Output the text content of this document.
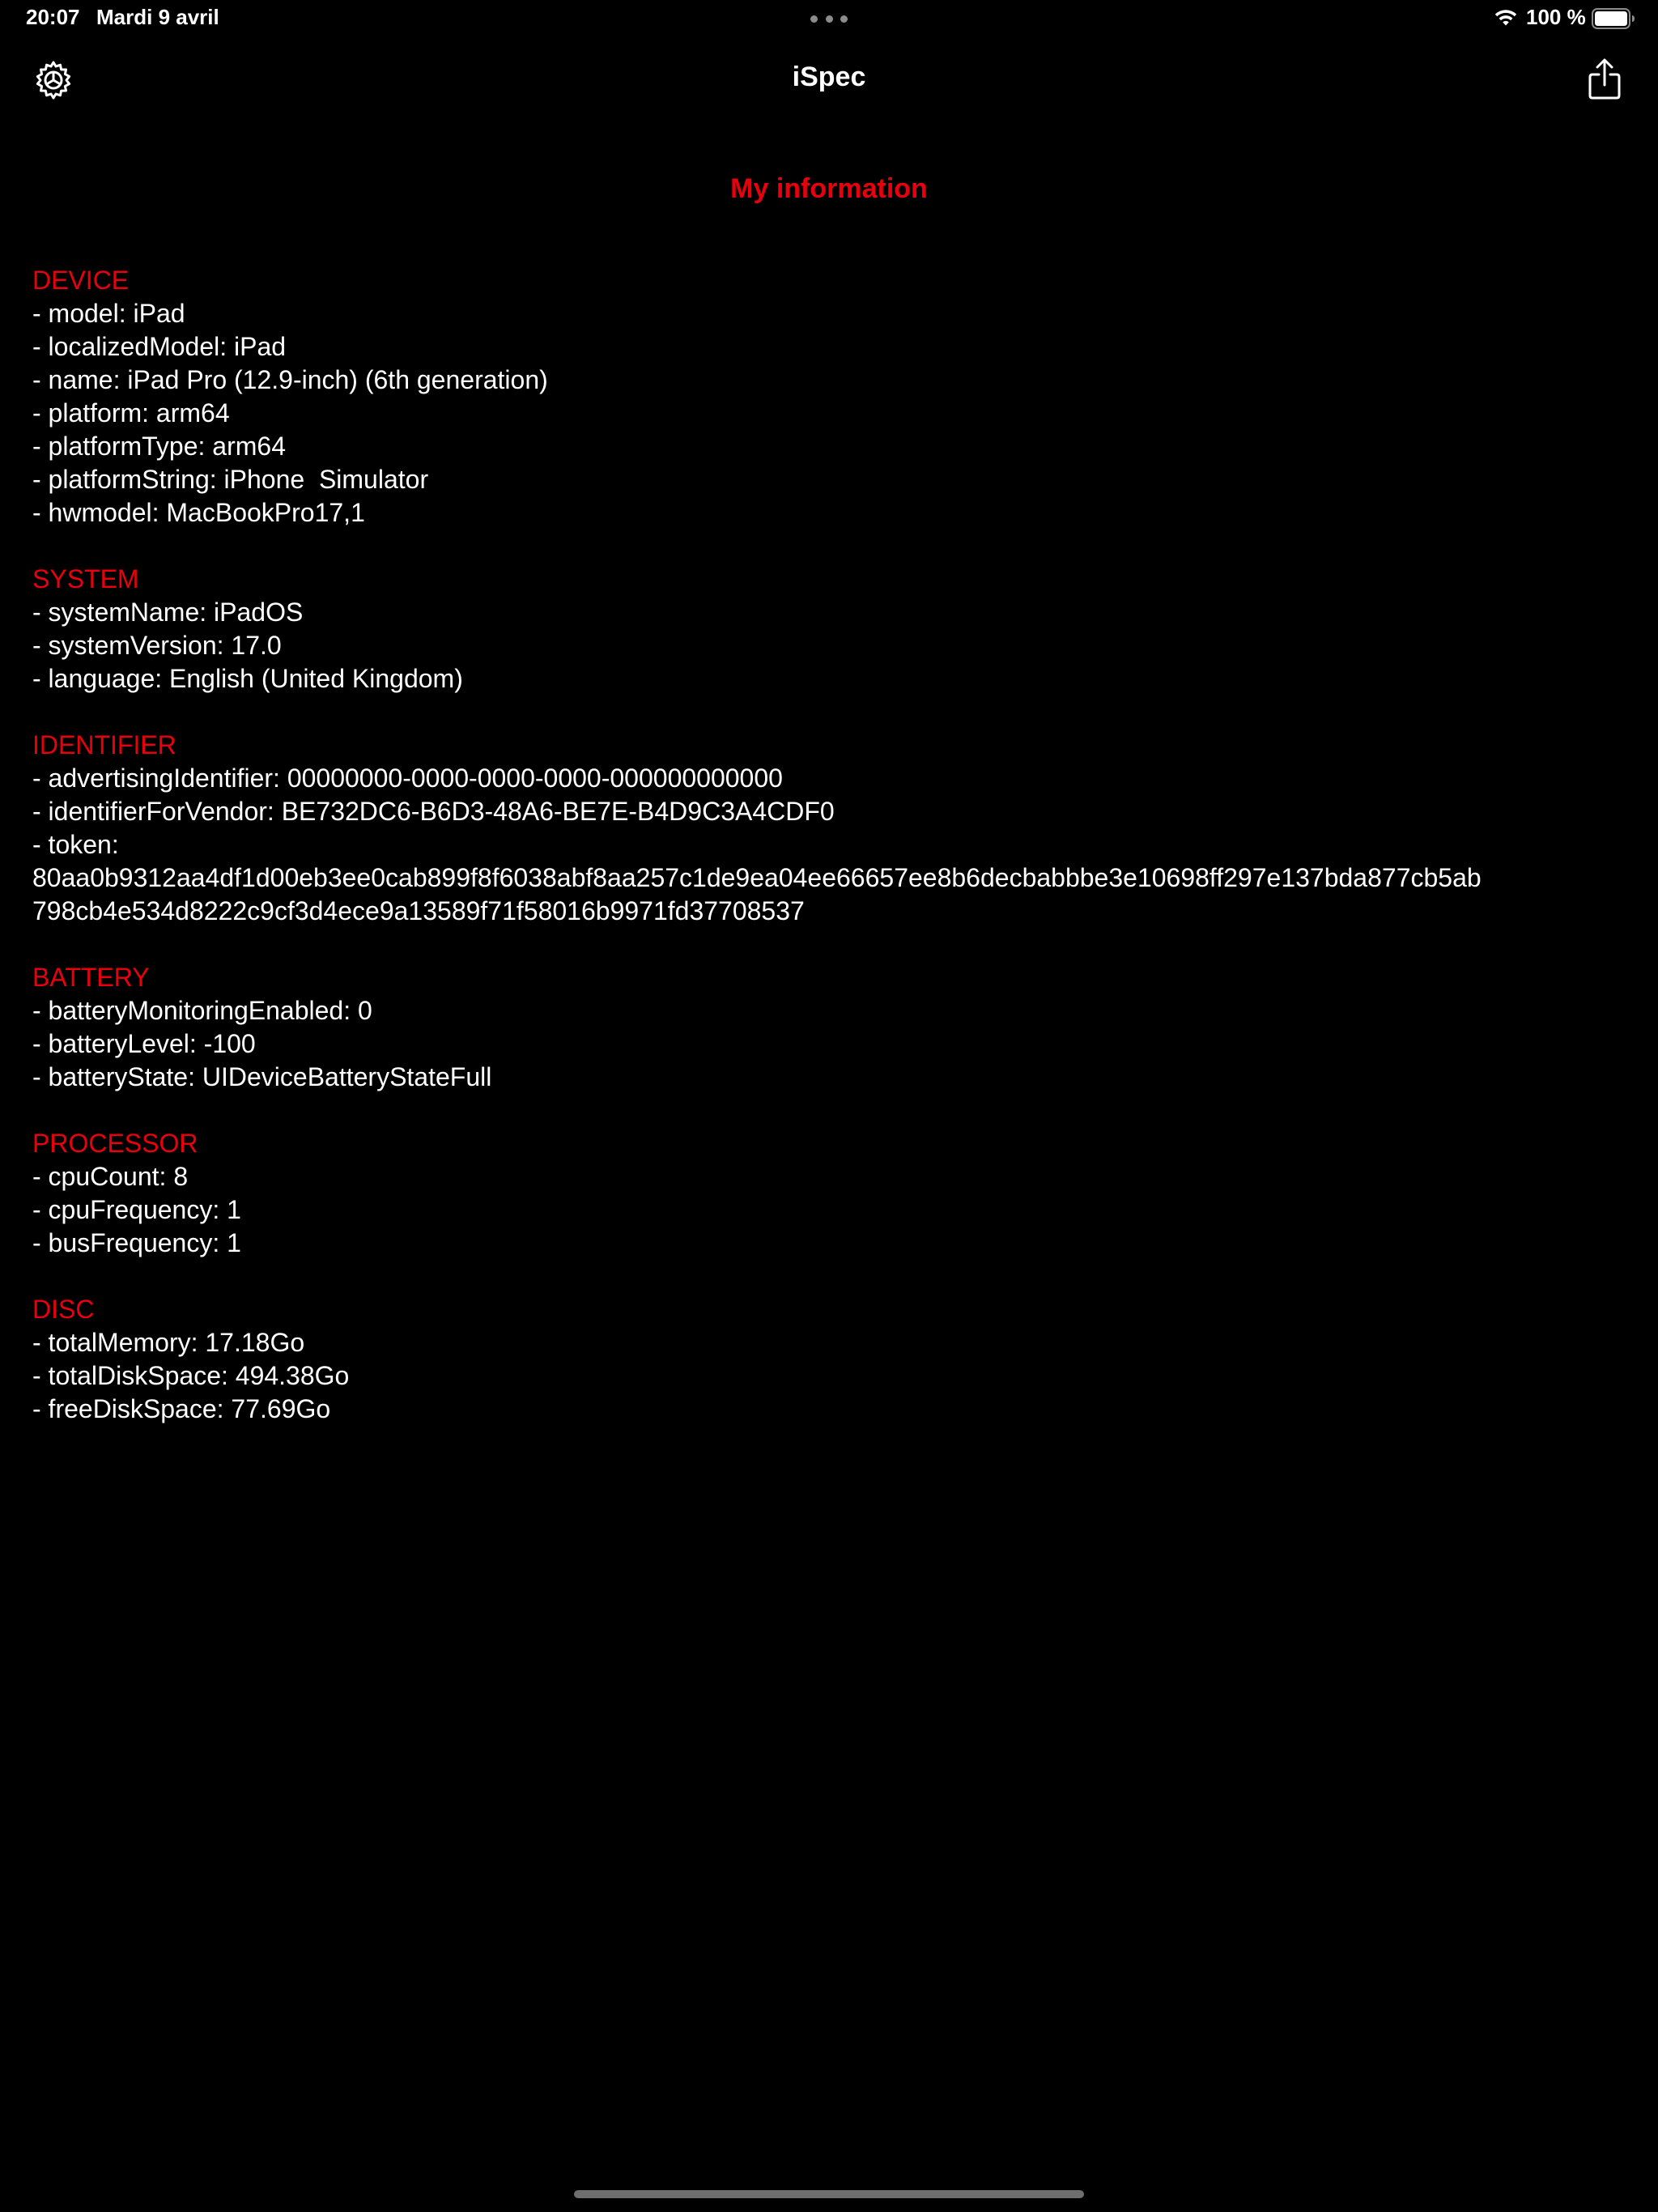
20:07 Mardi 9 avril	100 %
iSpec
My information
DEVICE
- model: iPad
- localizedModel: iPad
- name: iPad Pro (12.9-inch) (6th generation)
- platform: arm64
- platformType: arm64
- platformString: iPhone  Simulator
- hwmodel: MacBookPro17,1
SYSTEM
- systemName: iPadOS
- systemVersion: 17.0
- language: English (United Kingdom)
IDENTIFIER
- advertisingIdentifier: 00000000-0000-0000-0000-000000000000
- identifierForVendor: BE732DC6-B6D3-48A6-BE7E-B4D9C3A4CDF0
- token:
80aa0b9312aa4df1d00eb3ee0cab899f8f6038abf8aa257c1de9ea04ee66657ee8b6decbabbbe3e10698ff297e137bda877cb5ab
798cb4e534d8222c9cf3d4ece9a13589f71f58016b9971fd37708537
BATTERY
- batteryMonitoringEnabled: 0
- batteryLevel: -100
- batteryState: UIDeviceBatteryStateFull
PROCESSOR
- cpuCount: 8
- cpuFrequency: 1
- busFrequency: 1
DISC
- totalMemory: 17.18Go
- totalDiskSpace: 494.38Go
- freeDiskSpace: 77.69Go
